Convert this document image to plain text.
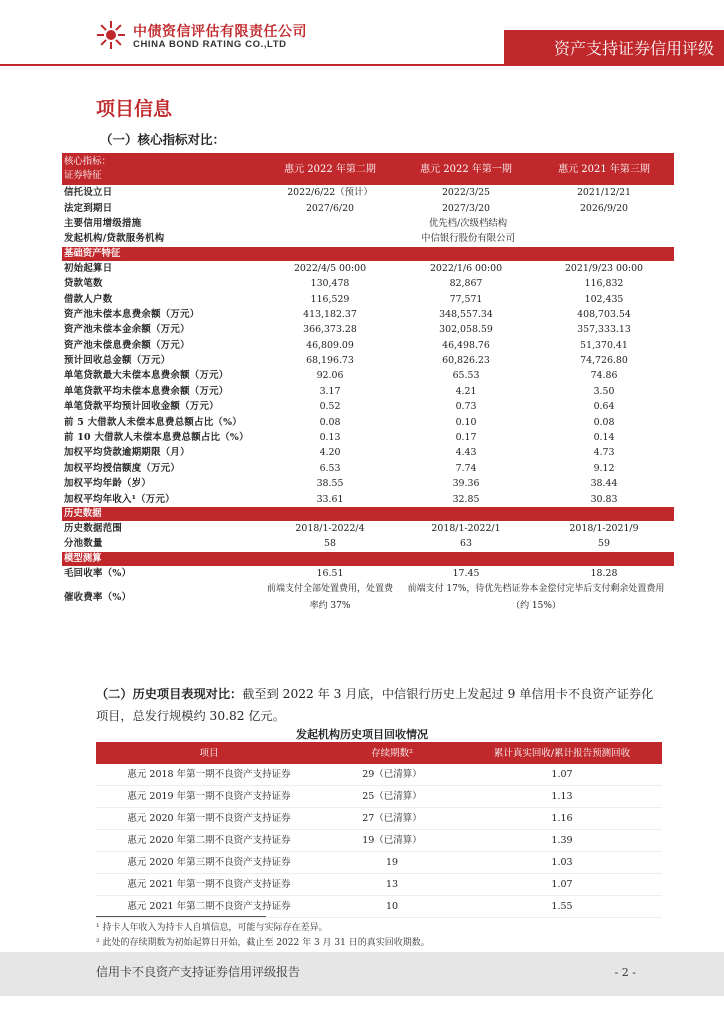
中债资信评估有限责任公司
CHINA BOND RATING CO.,LTD	资产支持证券信用评级
项目信息
（一）核心指标对比：
核心指标：
证券特征	惠元 2022 年第二期	惠元 2022 年第一期	惠元 2021 年第三期
信托设立日	2022/6/22（预计）	2022/3/25	2021/12/21
法定到期日	2027/6/20	2027/3/20	2026/9/20
主要信用增级措施	优先档/次级档结构		
发起机构/贷款服务机构	中信银行股份有限公司		
基础资产特征			
初始起算日	2022/4/5 00:00	2022/1/6 00:00	2021/9/23 00:00
贷款笔数	130,478	82,867	116,832
借款人户数	116,529	77,571	102,435
资产池未偿本息费余额（万元）	413,182.37	348,557.34	408,703.54
资产池未偿本金余额（万元）	366,373.28	302,058.59	357,333.13
资产池未偿息费余额（万元）	46,809.09	46,498.76	51,370.41
预计回收总金额（万元）	68,196.73	60,826.23	74,726.80
单笔贷款最大未偿本息费余额（万元）	92.06	65.53	74.86
单笔贷款平均未偿本息费余额（万元）	3.17	4.21	3.50
单笔贷款平均预计回收金额（万元）	0.52	0.73	0.64
前 5 大借款人未偿本息费总额占比（%）	0.08	0.10	0.08
前 10 大借款人未偿本息费总额占比（%）	0.13	0.17	0.14
加权平均贷款逾期期限（月）	4.20	4.43	4.73
加权平均授信额度（万元）	6.53	7.74	9.12
加权平均年龄（岁）	38.55	39.36	38.44
加权平均年收入¹（万元）	33.61	32.85	30.83
历史数据			
历史数据范围	2018/1-2022/4	2018/1-2022/1	2018/1-2021/9
分池数量	58	63	59
模型测算			
毛回收率（%）	16.51	17.45	18.28
催收费率（%）	前端支付全部处置费用，处置费率约 37%	前端支付 17%，待优先档证券本金偿付完毕后支付剩余处置费用（约 15%）	
（二）历史项目表现对比：截至到 2022 年 3 月底，中信银行历史上发起过 9 单信用卡不良资产证券化项目，总发行规模约 30.82 亿元。
发起机构历史项目回收情况
项目	存续期数²	累计真实回收/累计报告预测回收
惠元 2018 年第一期不良资产支持证券	29（已清算）	1.07
惠元 2019 年第一期不良资产支持证券	25（已清算）	1.13
惠元 2020 年第一期不良资产支持证券	27（已清算）	1.16
惠元 2020 年第二期不良资产支持证券	19（已清算）	1.39
惠元 2020 年第三期不良资产支持证券	19	1.03
惠元 2021 年第一期不良资产支持证券	13	1.07
惠元 2021 年第二期不良资产支持证券	10	1.55
¹ 持卡人年收入为持卡人自填信息，可能与实际存在差异。
² 此处的存续期数为初始起算日开始，截止至 2022 年 3 月 31 日的真实回收期数。
信用卡不良资产支持证券信用评级报告	- 2 -
